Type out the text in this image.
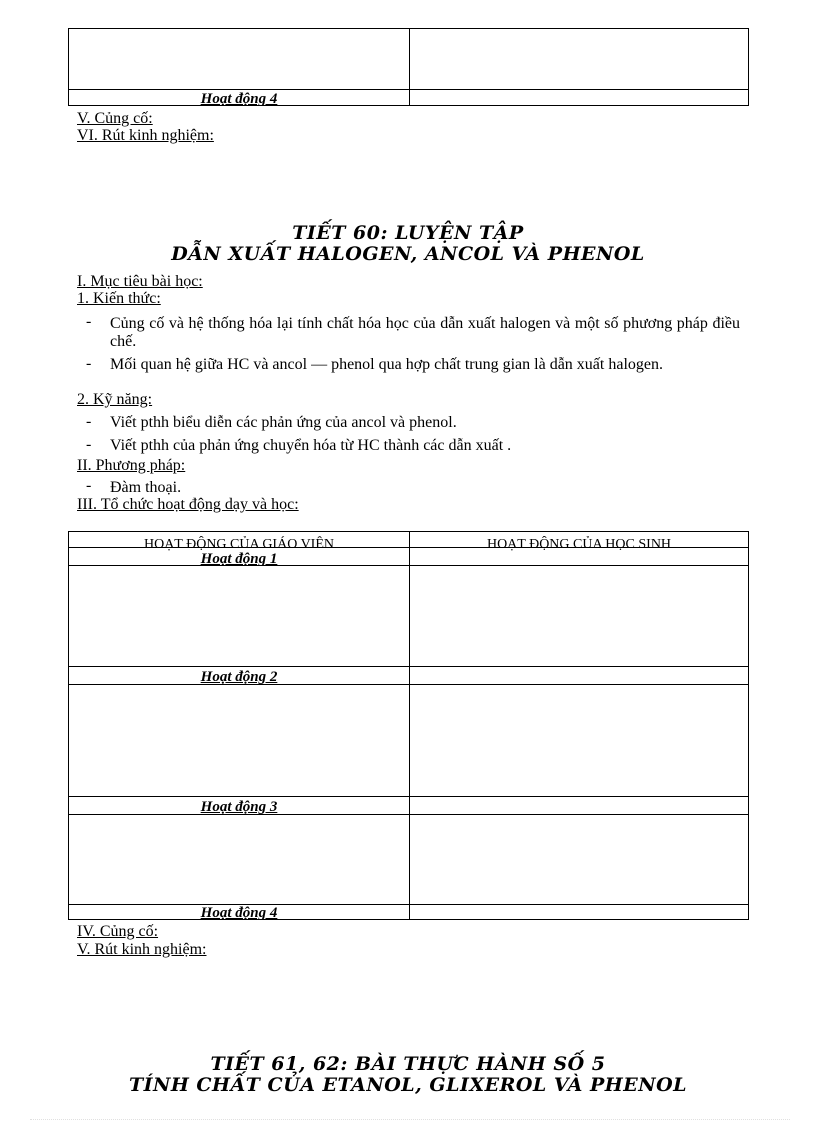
Hoạt động 4
V. Củng cố:
VI. Rút kinh nghiệm:
TIẾT 60: LUYỆN TẬP
DẪN XUẤT HALOGEN, ANCOL VÀ PHENOL
I. Mục tiêu bài học:
1. Kiến thức:
- Củng cố và hệ thống hóa lại tính chất hóa học của dẫn xuất halogen và một số phương pháp điều chế.
- Mối quan hệ giữa HC và ancol — phenol qua hợp chất trung gian là dẫn xuất halogen.
2. Kỹ năng:
- Viết pthh biểu diễn các phản ứng của ancol và phenol.
- Viết pthh của phản ứng chuyển hóa từ HC thành các dẫn xuất .
II. Phương pháp:
- Đàm thoại.
III. Tổ chức hoạt động dạy và học:
HOẠT ĐỘNG CỦA GIÁO VIÊN	HOẠT ĐỘNG CỦA HỌC SINH
Hoạt động 1
Hoạt động 2
Hoạt động 3
Hoạt động 4
IV. Củng cố:
V. Rút kinh nghiệm:
TIẾT 61, 62: BÀI THỰC HÀNH SỐ 5
TÍNH CHẤT CỦA ETANOL, GLIXEROL VÀ PHENOL
